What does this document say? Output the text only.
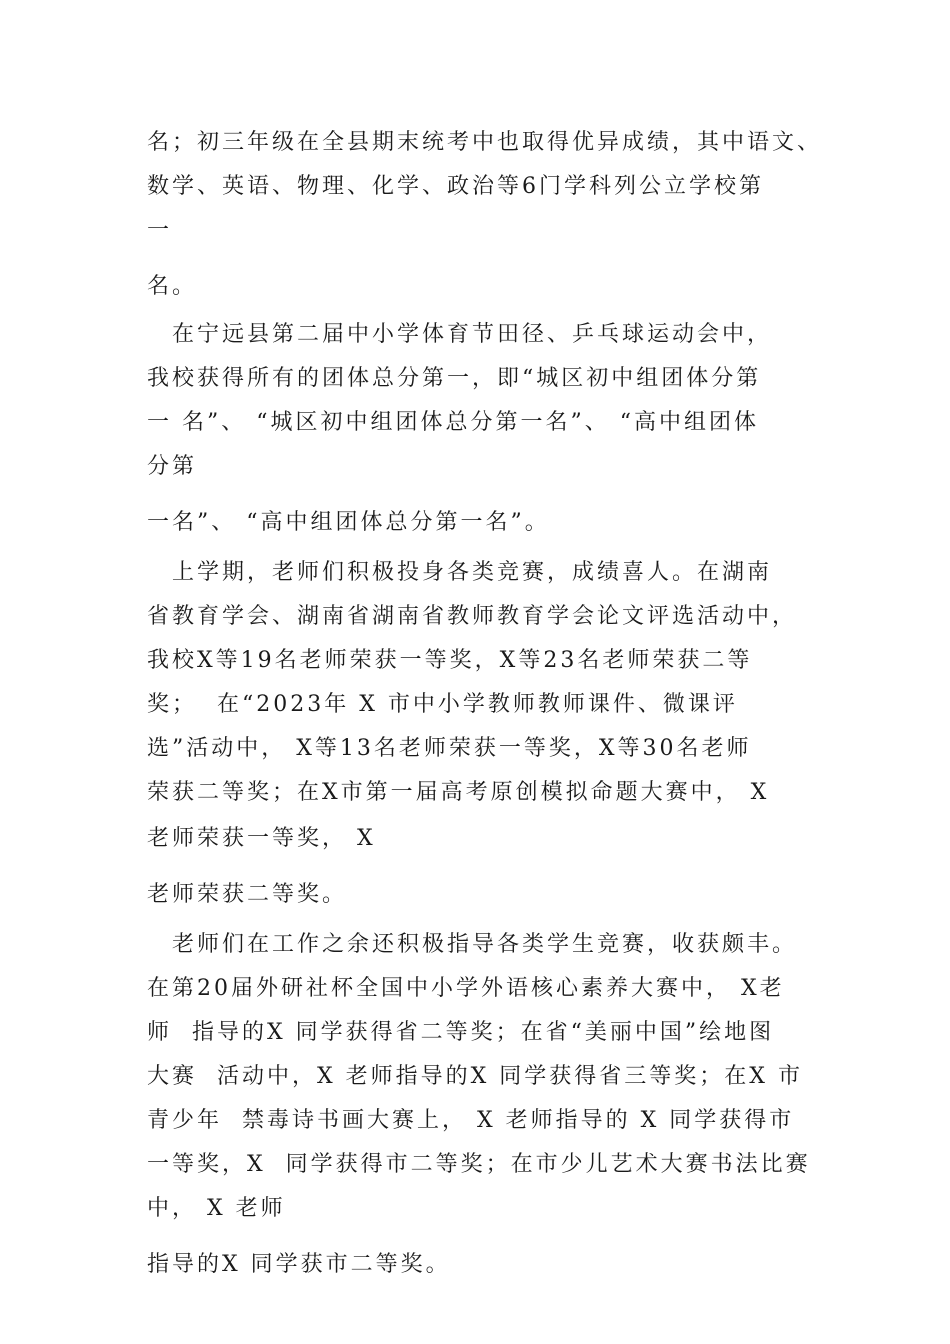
名；初三年级在全县期末统考中也取得优异成绩，其中语文、
数学、英语、物理、化学、政治等6门学科列公立学校第
一
名。
　在宁远县第二届中小学体育节田径、乒乓球运动会中，
我校获得所有的团体总分第一，即“城区初中组团体分第
一 名”、 “城区初中组团体总分第一名”、 “高中组团体
分第
一名”、 “高中组团体总分第一名”。
　上学期，老师们积极投身各类竞赛，成绩喜人。在湖南
省教育学会、湖南省湖南省教师教育学会论文评选活动中，
我校X等19名老师荣获一等奖，X等23名老师荣获二等
奖；  在“2023年 X 市中小学教师教师课件、微课评
选”活动中， X等13名老师荣获一等奖，X等30名老师
荣获二等奖；在X市第一届高考原创模拟命题大赛中， X
老师荣获一等奖， X
老师荣获二等奖。
　老师们在工作之余还积极指导各类学生竞赛，收获颇丰。
在第20届外研社杯全国中小学外语核心素养大赛中， X老
师  指导的X 同学获得省二等奖；在省“美丽中国”绘地图
大赛  活动中，X 老师指导的X 同学获得省三等奖；在X 市
青少年  禁毒诗书画大赛上， X 老师指导的 X 同学获得市
一等奖，X  同学获得市二等奖；在市少儿艺术大赛书法比赛
中， X 老师
指导的X 同学获市二等奖。
